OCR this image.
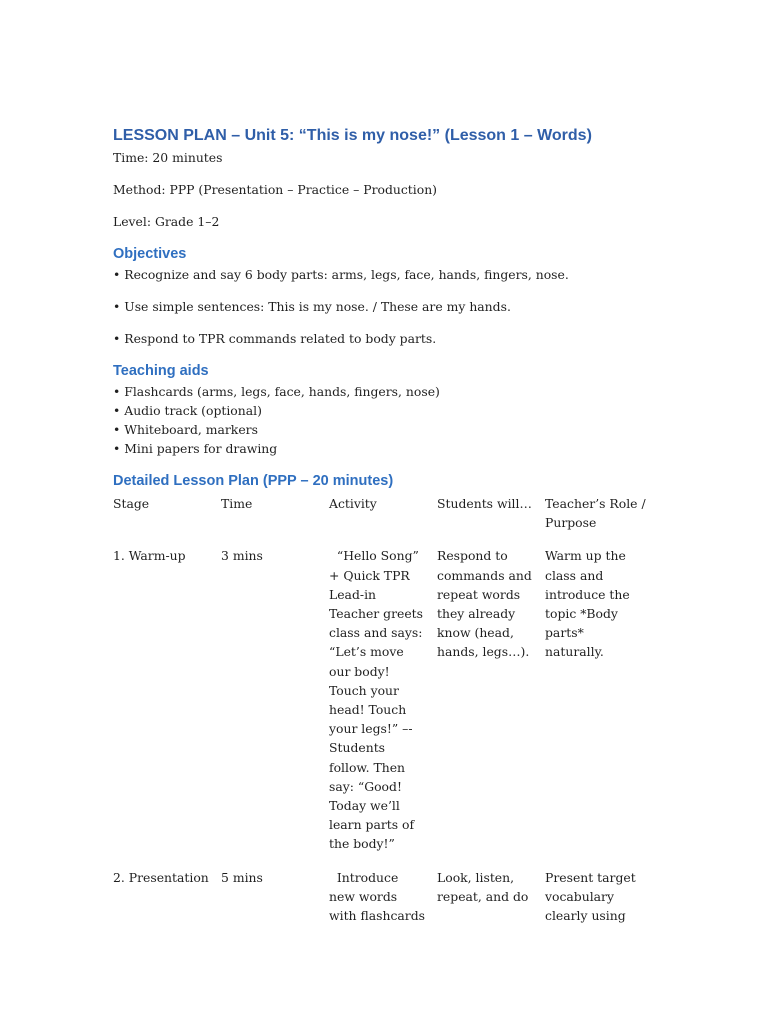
LESSON PLAN – Unit 5: “This is my nose!” (Lesson 1 – Words)

Time: 20 minutes

Method: PPP (Presentation – Practice – Production)

Level: Grade 1–2

Objectives

• Recognize and say 6 body parts: arms, legs, face, hands, fingers, nose.

• Use simple sentences: This is my nose. / These are my hands.

• Respond to TPR commands related to body parts.

Teaching aids

• Flashcards (arms, legs, face, hands, fingers, nose)

• Audio track (optional)

• Whiteboard, markers

• Mini papers for drawing

Detailed Lesson Plan (PPP – 20 minutes)
Stage	Time	Activity	Students will…	Teacher’s Role / Purpose

1. Warm-up	3 mins	“Hello Song” + Quick TPR Lead-in Teacher greets class and says: “Let’s move our body! Touch your head! Touch your legs!” –- Students follow. Then say: “Good! Today we’ll learn parts of the body!”	Respond to commands and repeat words they already know (head, hands, legs…).	Warm up the class and introduce the topic *Body parts* naturally.

2. Presentation	5 mins	Introduce new words with flashcards	Look, listen, repeat, and do	Present target vocabulary clearly using
